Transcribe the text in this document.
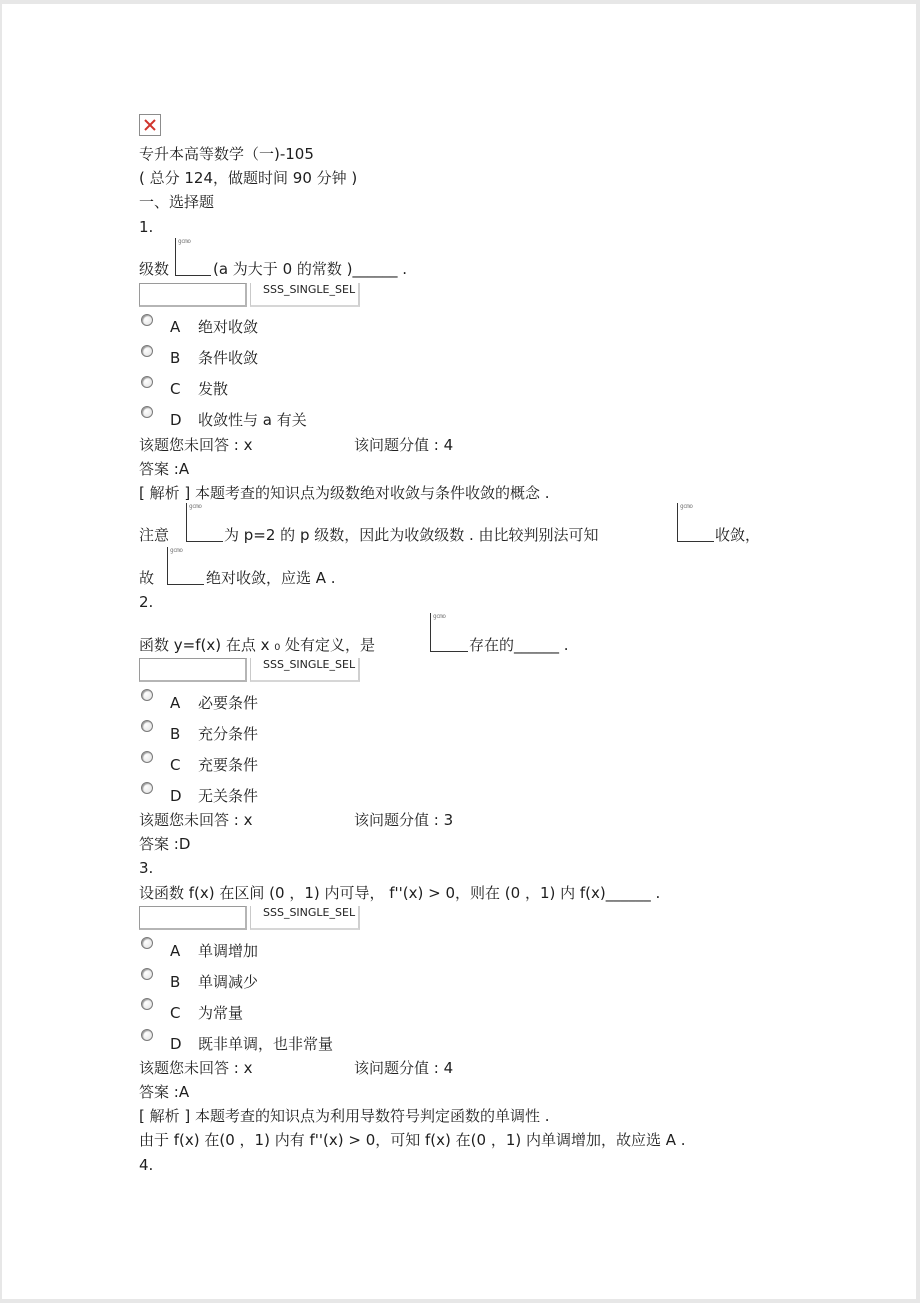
专升本高等数学（一)-105
( 总分 124，做题时间 90 分钟 )
一、选择题
1.
级数
gcmo
(a 为大于 0 的常数 )______ .
SSS_SINGLE_SEL
A 绝对收敛
B 条件收敛
C 发散
D 收敛性与 a 有关
该题您未回答 : x	该问题分值 : 4
答案 :A
[ 解析 ] 本题考查的知识点为级数绝对收敛与条件收敛的概念 .
注意
gcmo
为 p=2 的 p 级数，因此为收敛级数 . 由比较判别法可知
gcmo
收敛，
故
gcmo
绝对收敛，应选 A .
2.
函数 y=f(x) 在点 x ₀ 处有定义，是
gcmo
存在的______ .
SSS_SINGLE_SEL
A 必要条件
B 充分条件
C 充要条件
D 无关条件
该题您未回答 : x	该问题分值 : 3
答案 :D
3.
设函数 f(x) 在区间 (0 ，1) 内可导， f''(x) > 0，则在 (0 ，1) 内 f(x)______ .
SSS_SINGLE_SEL
A 单调增加
B 单调减少
C 为常量
D 既非单调，也非常量
该题您未回答 : x	该问题分值 : 4
答案 :A
[ 解析 ] 本题考查的知识点为利用导数符号判定函数的单调性 .
由于 f(x) 在(0 ，1) 内有 f''(x) > 0，可知 f(x) 在(0 ，1) 内单调增加，故应选 A .
4.
